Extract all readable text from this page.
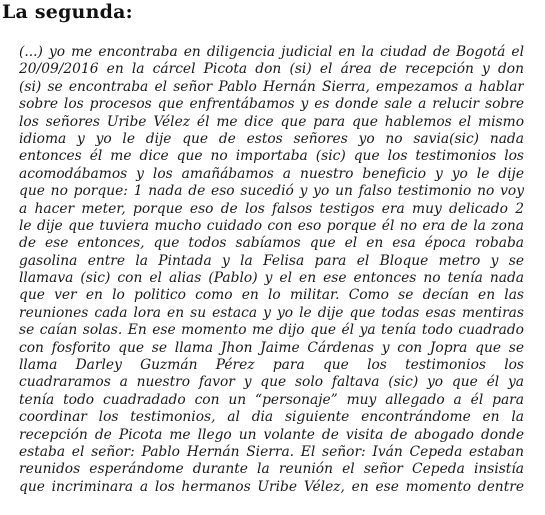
La segunda:
(...) yo me encontraba en diligencia judicial en la ciudad de Bogotá el
20/09/2016 en la cárcel Picota don (si) el área de recepción y don
(si) se encontraba el señor Pablo Hernán Sierra, empezamos a hablar
sobre los procesos que enfrentábamos y es donde sale a relucir sobre
los señores Uribe Vélez él me dice que para que hablemos el mismo
idioma y yo le dije que de estos señores yo no savia(sic) nada
entonces él me dice que no importaba (sic) que los testimonios los
acomodábamos y los amañábamos a nuestro beneficio y yo le dije
que no porque: 1 nada de eso sucedió y yo un falso testimonio no voy
a hacer meter, porque eso de los falsos testigos era muy delicado 2
le dije que tuviera mucho cuidado con eso porque él no era de la zona
de ese entonces, que todos sabíamos que el en esa época robaba
gasolina entre la Pintada y la Felisa para el Bloque metro y se
llamava (sic) con el alias (Pablo) y el en ese entonces no tenía nada
que ver en lo politico como en lo militar. Como se decían en las
reuniones cada lora en su estaca y yo le dije que todas esas mentiras
se caían solas. En ese momento me dijo que él ya tenía todo cuadrado
con fosforito que se llama Jhon Jaime Cárdenas y con Jopra que se
llama Darley Guzmán Pérez para que los testimonios los
cuadraramos a nuestro favor y que solo faltava (sic) yo que él ya
tenía todo cuadradado con un “personaje” muy allegado a él para
coordinar los testimonios, al dia siguiente encontrándome en la
recepción de Picota me llego un volante de visita de abogado donde
estaba el señor: Pablo Hernán Sierra. El señor: Iván Cepeda estaban
reunidos esperándome durante la reunión el señor Cepeda insistía
que incriminara a los hermanos Uribe Vélez, en ese momento dentre
